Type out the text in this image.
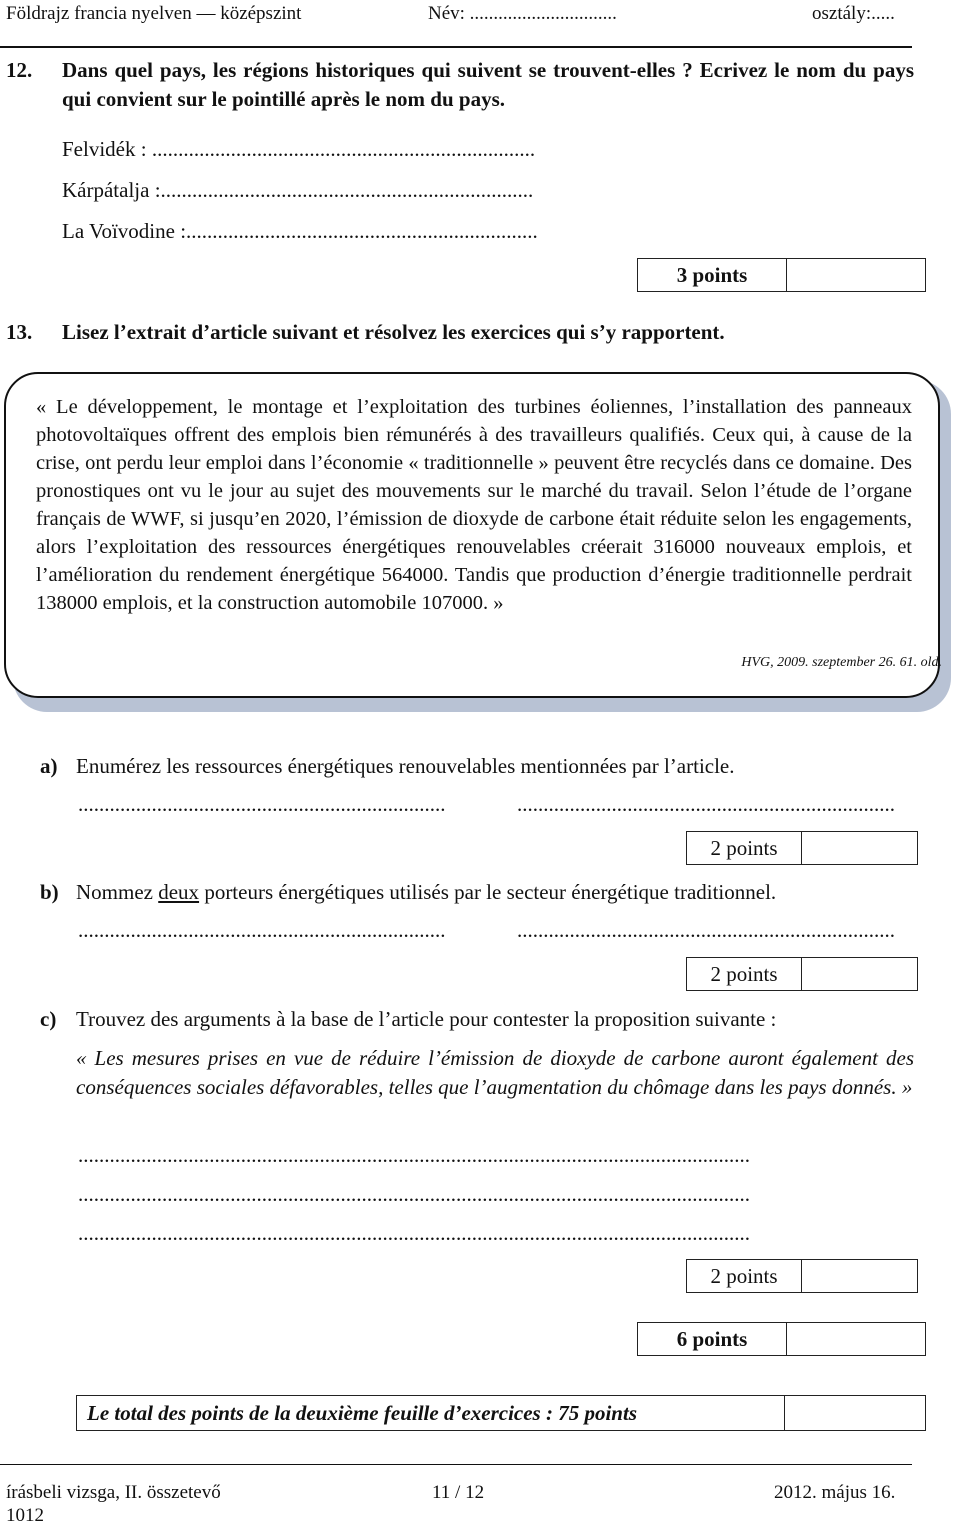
Földrajz francia nyelven — középszint	Név: ...............................	osztály:.....
12. Dans quel pays, les régions historiques qui suivent se trouvent-elles ? Ecrivez le nom du pays qui convient sur le pointillé après le nom du pays.
Felvidék : .........................................................................
Kárpátalja :.......................................................................
La Voïvodine :...................................................................
3 points
13. Lisez l’extrait d’article suivant et résolvez les exercices qui s’y rapportent.
« Le développement, le montage et l’exploitation des turbines éoliennes, l’installation des panneaux photovoltaïques offrent des emplois bien rémunérés à des travailleurs qualifiés. Ceux qui, à cause de la crise, ont perdu leur emploi dans l’économie « traditionnelle » peuvent être recyclés dans ce domaine. Des pronostiques ont vu le jour au sujet des mouvements sur le marché du travail. Selon l’étude de l’organe français de WWF, si jusqu’en 2020, l’émission de dioxyde de carbone était réduite selon les engagements, alors l’exploitation des ressources énergétiques renouvelables créerait 316000 nouveaux emplois, et l’amélioration du rendement énergétique 564000. Tandis que production d’énergie traditionnelle perdrait 138000 emplois, et la construction automobile 107000. »
HVG, 2009. szeptember 26. 61. old.
a) Enumérez les ressources énergétiques renouvelables mentionnées par l’article.
......................................................................	........................................................................
2 points
b) Nommez deux porteurs énergétiques utilisés par le secteur énergétique traditionnel.
......................................................................	........................................................................
2 points
c) Trouvez des arguments à la base de l’article pour contester la proposition suivante :
« Les mesures prises en vue de réduire l’émission de dioxyde de carbone auront également des conséquences sociales défavorables, telles que l’augmentation du chômage dans les pays donnés. »
................................................................................................................................
................................................................................................................................
................................................................................................................................
2 points
6 points
Le total des points de la deuxième feuille d’exercices : 75 points
írásbeli vizsga, II. összetevő	11 / 12	2012. május 16.
1012
